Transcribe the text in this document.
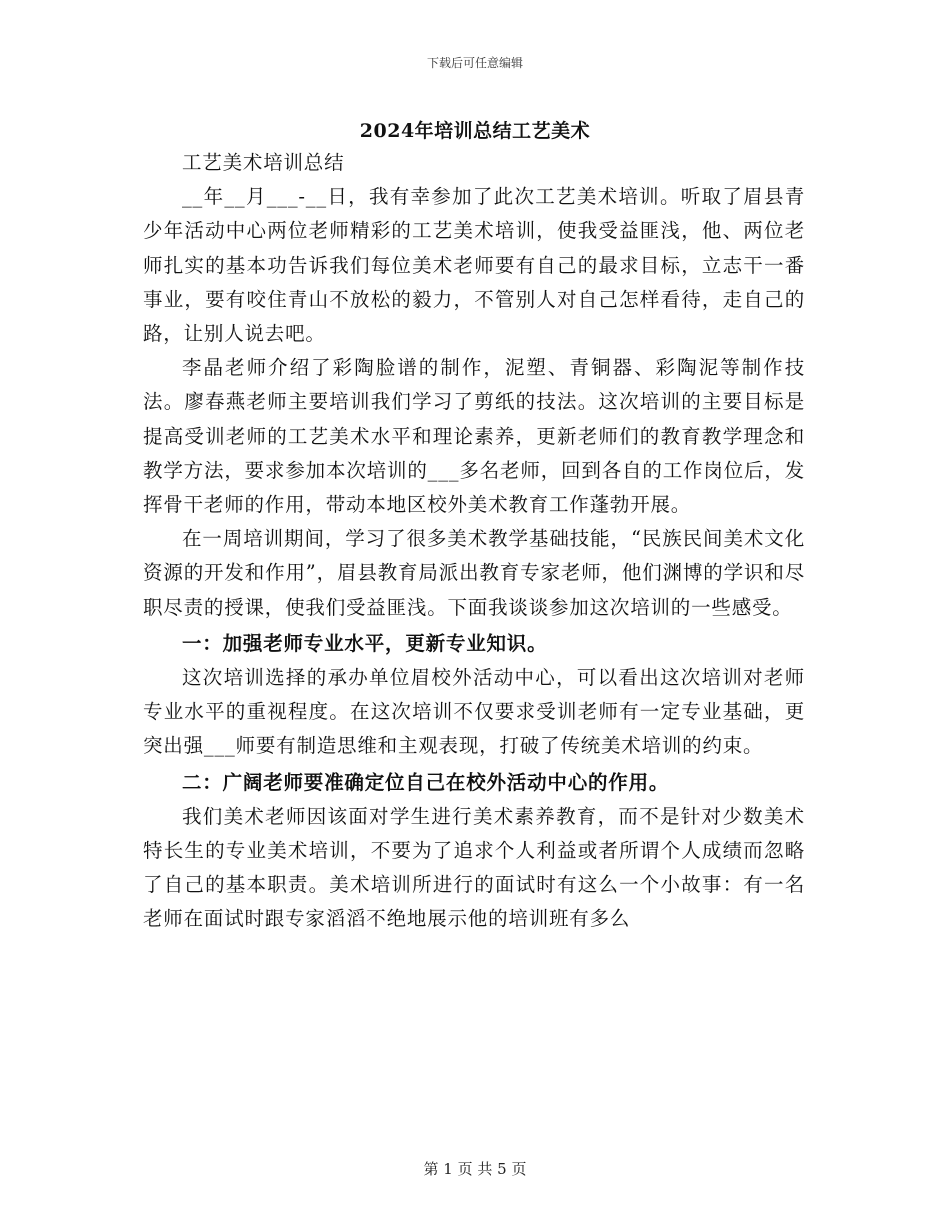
下载后可任意编辑
2024年培训总结工艺美术

工艺美术培训总结

__年__月___-__日，我有幸参加了此次工艺美术培训。听取了眉县青少年活动中心两位老师精彩的工艺美术培训，使我受益匪浅，他、两位老师扎实的基本功告诉我们每位美术老师要有自己的最求目标，立志干一番事业，要有咬住青山不放松的毅力，不管别人对自己怎样看待，走自己的路，让别人说去吧。

李晶老师介绍了彩陶脸谱的制作，泥塑、青铜器、彩陶泥等制作技法。廖春燕老师主要培训我们学习了剪纸的技法。这次培训的主要目标是提高受训老师的工艺美术水平和理论素养，更新老师们的教育教学理念和教学方法，要求参加本次培训的___多名老师，回到各自的工作岗位后，发挥骨干老师的作用，带动本地区校外美术教育工作蓬勃开展。

在一周培训期间，学习了很多美术教学基础技能，“民族民间美术文化资源的开发和作用”，眉县教育局派出教育专家老师，他们渊博的学识和尽职尽责的授课，使我们受益匪浅。下面我谈谈参加这次培训的一些感受。

一：加强老师专业水平，更新专业知识。

这次培训选择的承办单位眉校外活动中心，可以看出这次培训对老师专业水平的重视程度。在这次培训不仅要求受训老师有一定专业基础，更突出强___师要有制造思维和主观表现，打破了传统美术培训的约束。

二：广阔老师要准确定位自己在校外活动中心的作用。

我们美术老师因该面对学生进行美术素养教育，而不是针对少数美术特长生的专业美术培训，不要为了追求个人利益或者所谓个人成绩而忽略了自己的基本职责。美术培训所进行的面试时有这么一个小故事：有一名老师在面试时跟专家滔滔不绝地展示他的培训班有多么

第 1 页 共 5 页
